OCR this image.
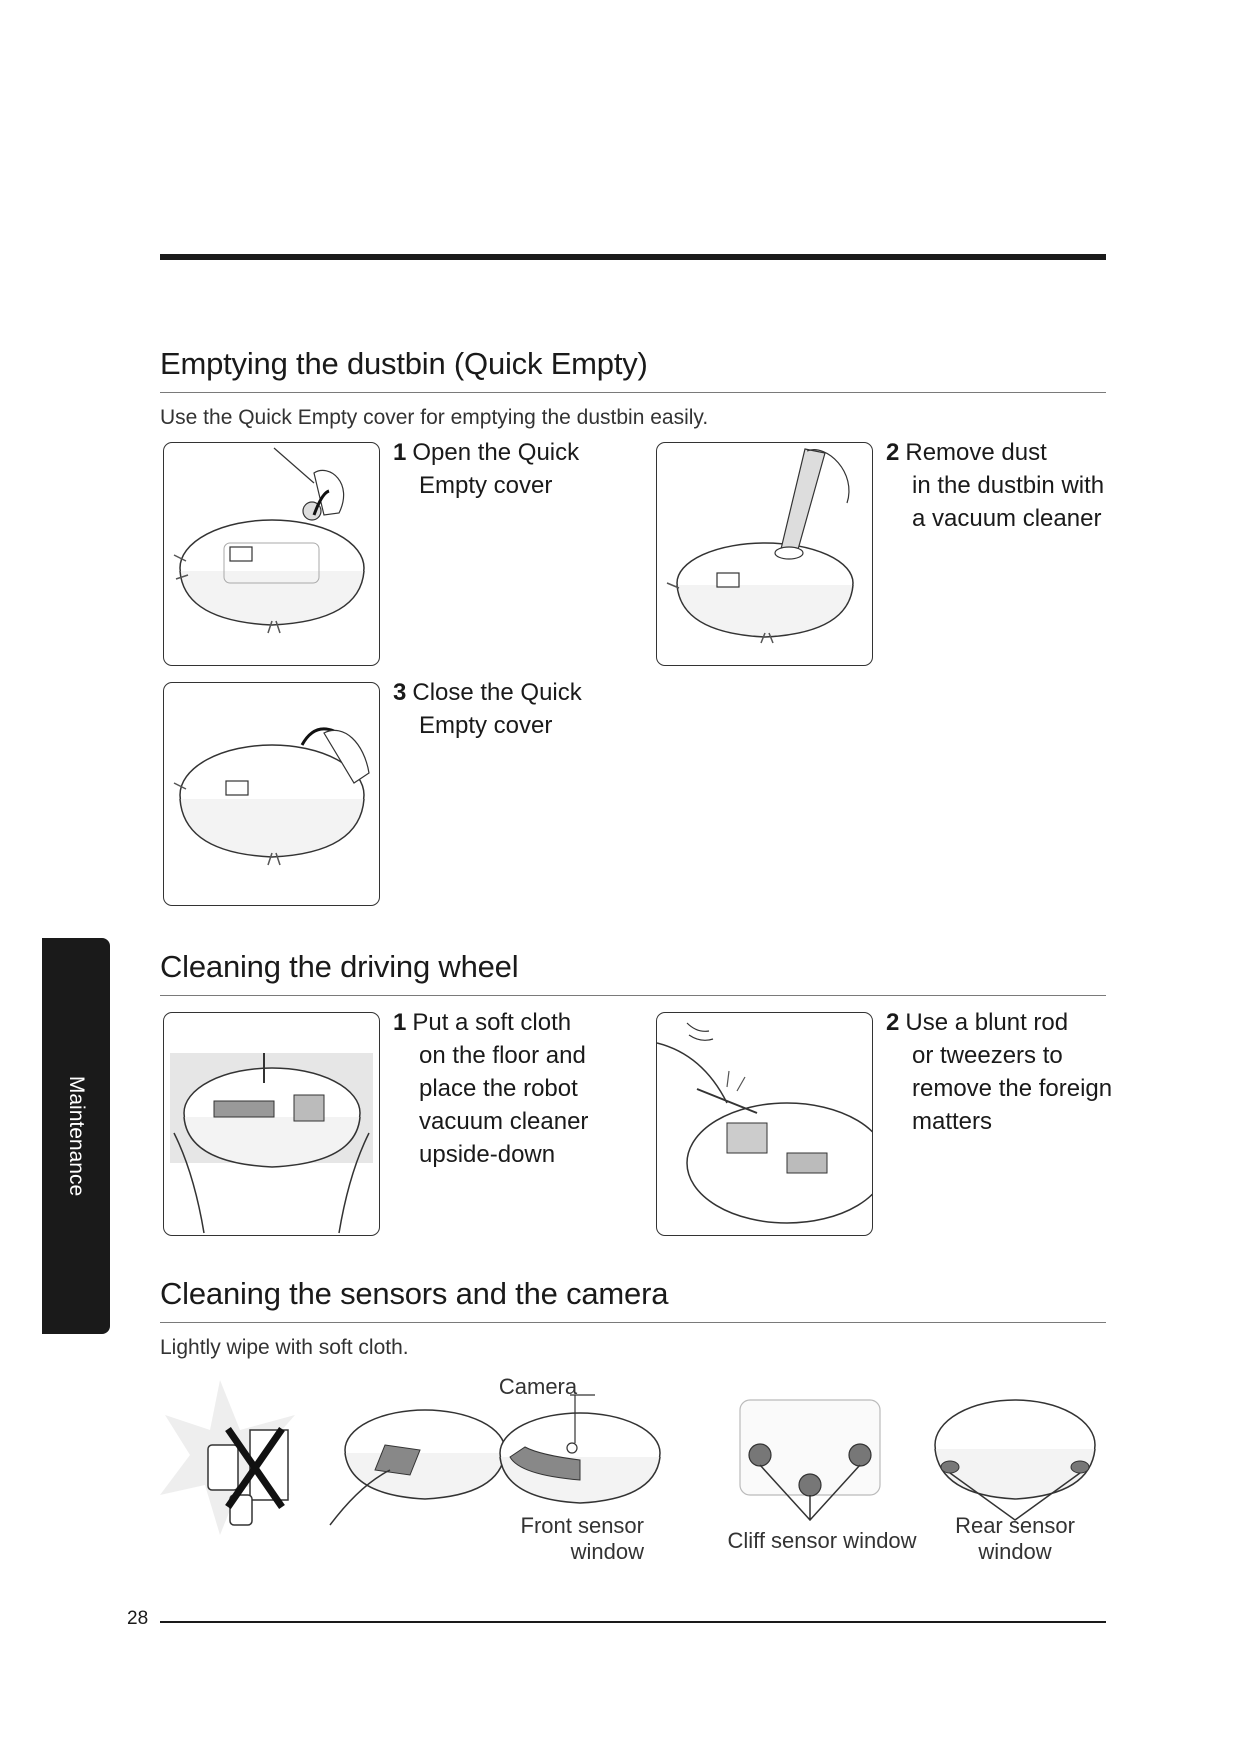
Emptying the dustbin (Quick Empty)
Use the Quick Empty cover for emptying the dustbin easily.
1 Open the Quick
Empty cover
2 Remove dust
in the dustbin with a vacuum cleaner
3 Close the Quick
Empty cover
Maintenance
Cleaning the driving wheel
1 Put a soft cloth
on the floor and place the robot vacuum cleaner upside-down
2 Use a blunt rod
or tweezers to remove the foreign matters
Cleaning the sensors and the camera
Lightly wipe with soft cloth.
Camera
Front sensor
window	Cliff sensor window
Rear sensor
window
28
